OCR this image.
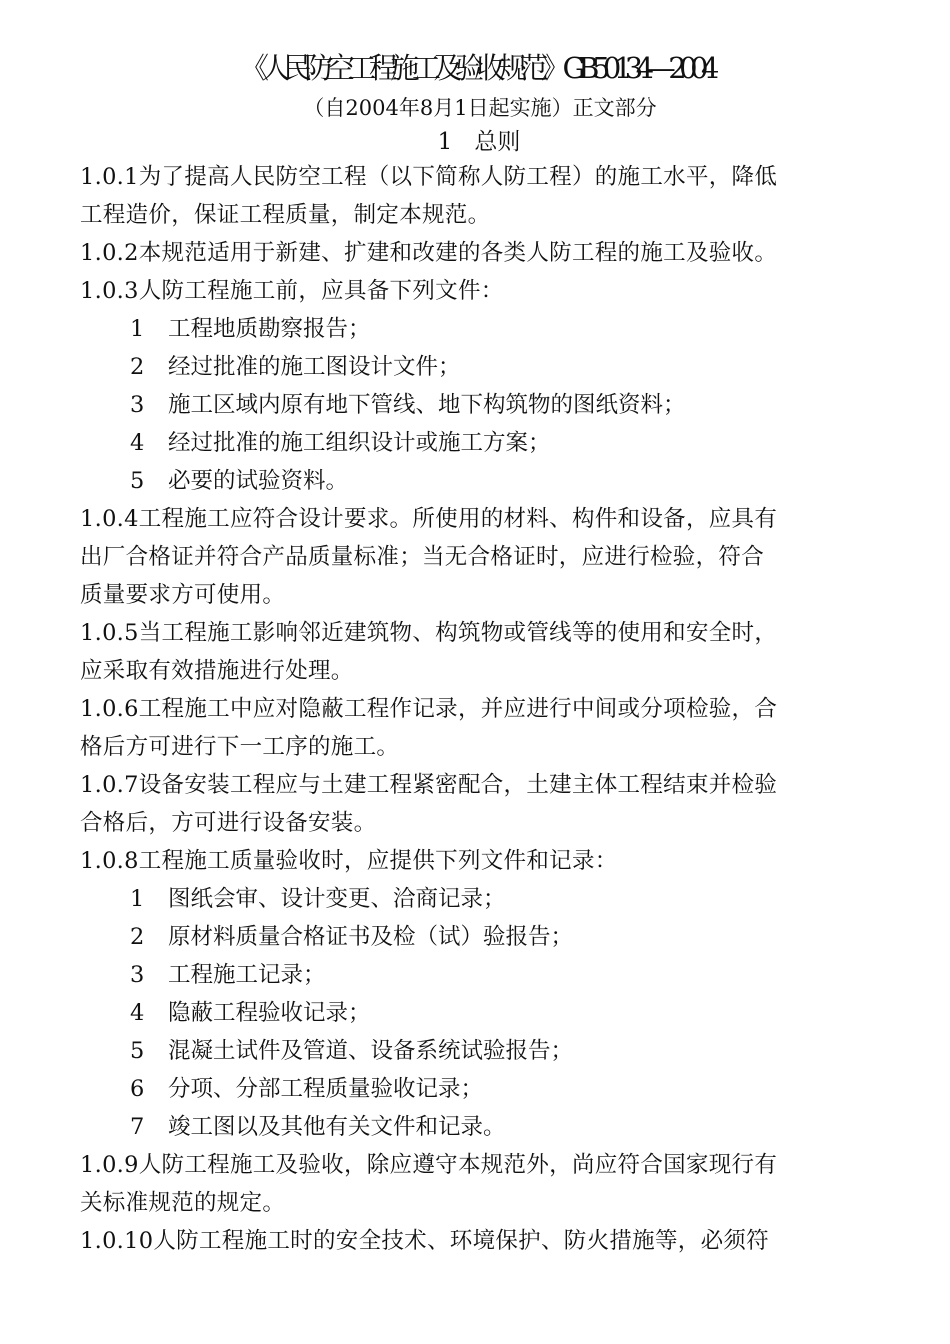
《人民防空工程施工及验收规范》GB50134—2004
（自2004年8月1日起实施）正文部分
1 总则
1.0.1为了提高人民防空工程（以下简称人防工程）的施工水平，降低
工程造价，保证工程质量，制定本规范。
1.0.2本规范适用于新建、扩建和改建的各类人防工程的施工及验收。
1.0.3人防工程施工前，应具备下列文件：
1 工程地质勘察报告；
2 经过批准的施工图设计文件；
3 施工区域内原有地下管线、地下构筑物的图纸资料；
4 经过批准的施工组织设计或施工方案；
5 必要的试验资料。
1.0.4工程施工应符合设计要求。所使用的材料、构件和设备，应具有
出厂合格证并符合产品质量标准；当无合格证时，应进行检验，符合
质量要求方可使用。
1.0.5当工程施工影响邻近建筑物、构筑物或管线等的使用和安全时，
应采取有效措施进行处理。
1.0.6工程施工中应对隐蔽工程作记录，并应进行中间或分项检验，合
格后方可进行下一工序的施工。
1.0.7设备安装工程应与土建工程紧密配合，土建主体工程结束并检验
合格后，方可进行设备安装。
1.0.8工程施工质量验收时，应提供下列文件和记录：
1 图纸会审、设计变更、洽商记录；
2 原材料质量合格证书及检（试）验报告；
3 工程施工记录；
4 隐蔽工程验收记录；
5 混凝土试件及管道、设备系统试验报告；
6 分项、分部工程质量验收记录；
7 竣工图以及其他有关文件和记录。
1.0.9人防工程施工及验收，除应遵守本规范外，尚应符合国家现行有
关标准规范的规定。
1.0.10人防工程施工时的安全技术、环境保护、防火措施等，必须符
